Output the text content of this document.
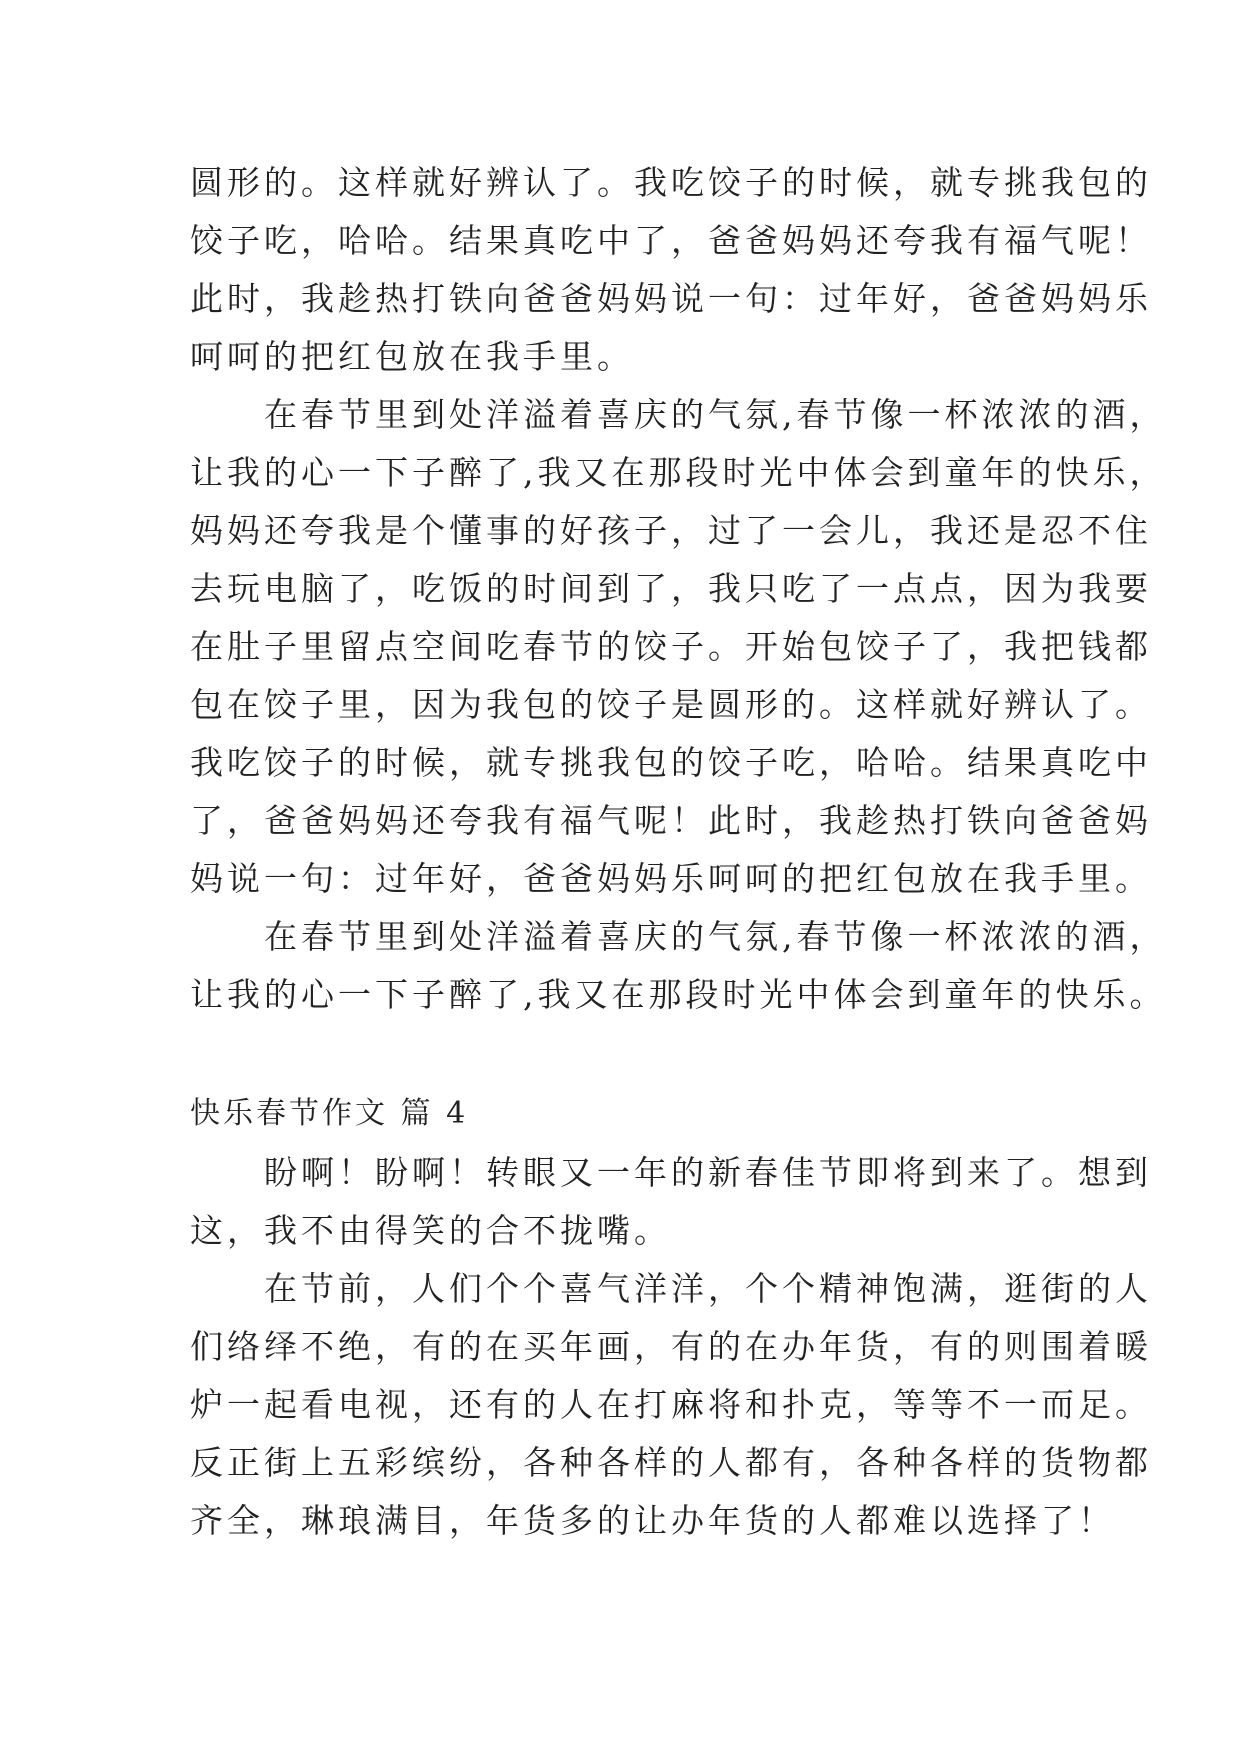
圆形的。这样就好辨认了。我吃饺子的时候，就专挑我包的
饺子吃，哈哈。结果真吃中了，爸爸妈妈还夸我有福气呢！
此时，我趁热打铁向爸爸妈妈说一句：过年好，爸爸妈妈乐
呵呵的把红包放在我手里。
　　在春节里到处洋溢着喜庆的气氛,春节像一杯浓浓的酒，
让我的心一下子醉了,我又在那段时光中体会到童年的快乐，
妈妈还夸我是个懂事的好孩子，过了一会儿，我还是忍不住
去玩电脑了，吃饭的时间到了，我只吃了一点点，因为我要
在肚子里留点空间吃春节的饺子。开始包饺子了，我把钱都
包在饺子里，因为我包的饺子是圆形的。这样就好辨认了。
我吃饺子的时候，就专挑我包的饺子吃，哈哈。结果真吃中
了，爸爸妈妈还夸我有福气呢！此时，我趁热打铁向爸爸妈
妈说一句：过年好，爸爸妈妈乐呵呵的把红包放在我手里。
　　在春节里到处洋溢着喜庆的气氛,春节像一杯浓浓的酒，
让我的心一下子醉了,我又在那段时光中体会到童年的快乐。
快乐春节作文 篇 4
　　盼啊！盼啊！转眼又一年的新春佳节即将到来了。想到
这，我不由得笑的合不拢嘴。
　　在节前，人们个个喜气洋洋，个个精神饱满，逛街的人
们络绎不绝，有的在买年画，有的在办年货，有的则围着暖
炉一起看电视，还有的人在打麻将和扑克，等等不一而足。
反正街上五彩缤纷，各种各样的人都有，各种各样的货物都
齐全，琳琅满目，年货多的让办年货的人都难以选择了！
